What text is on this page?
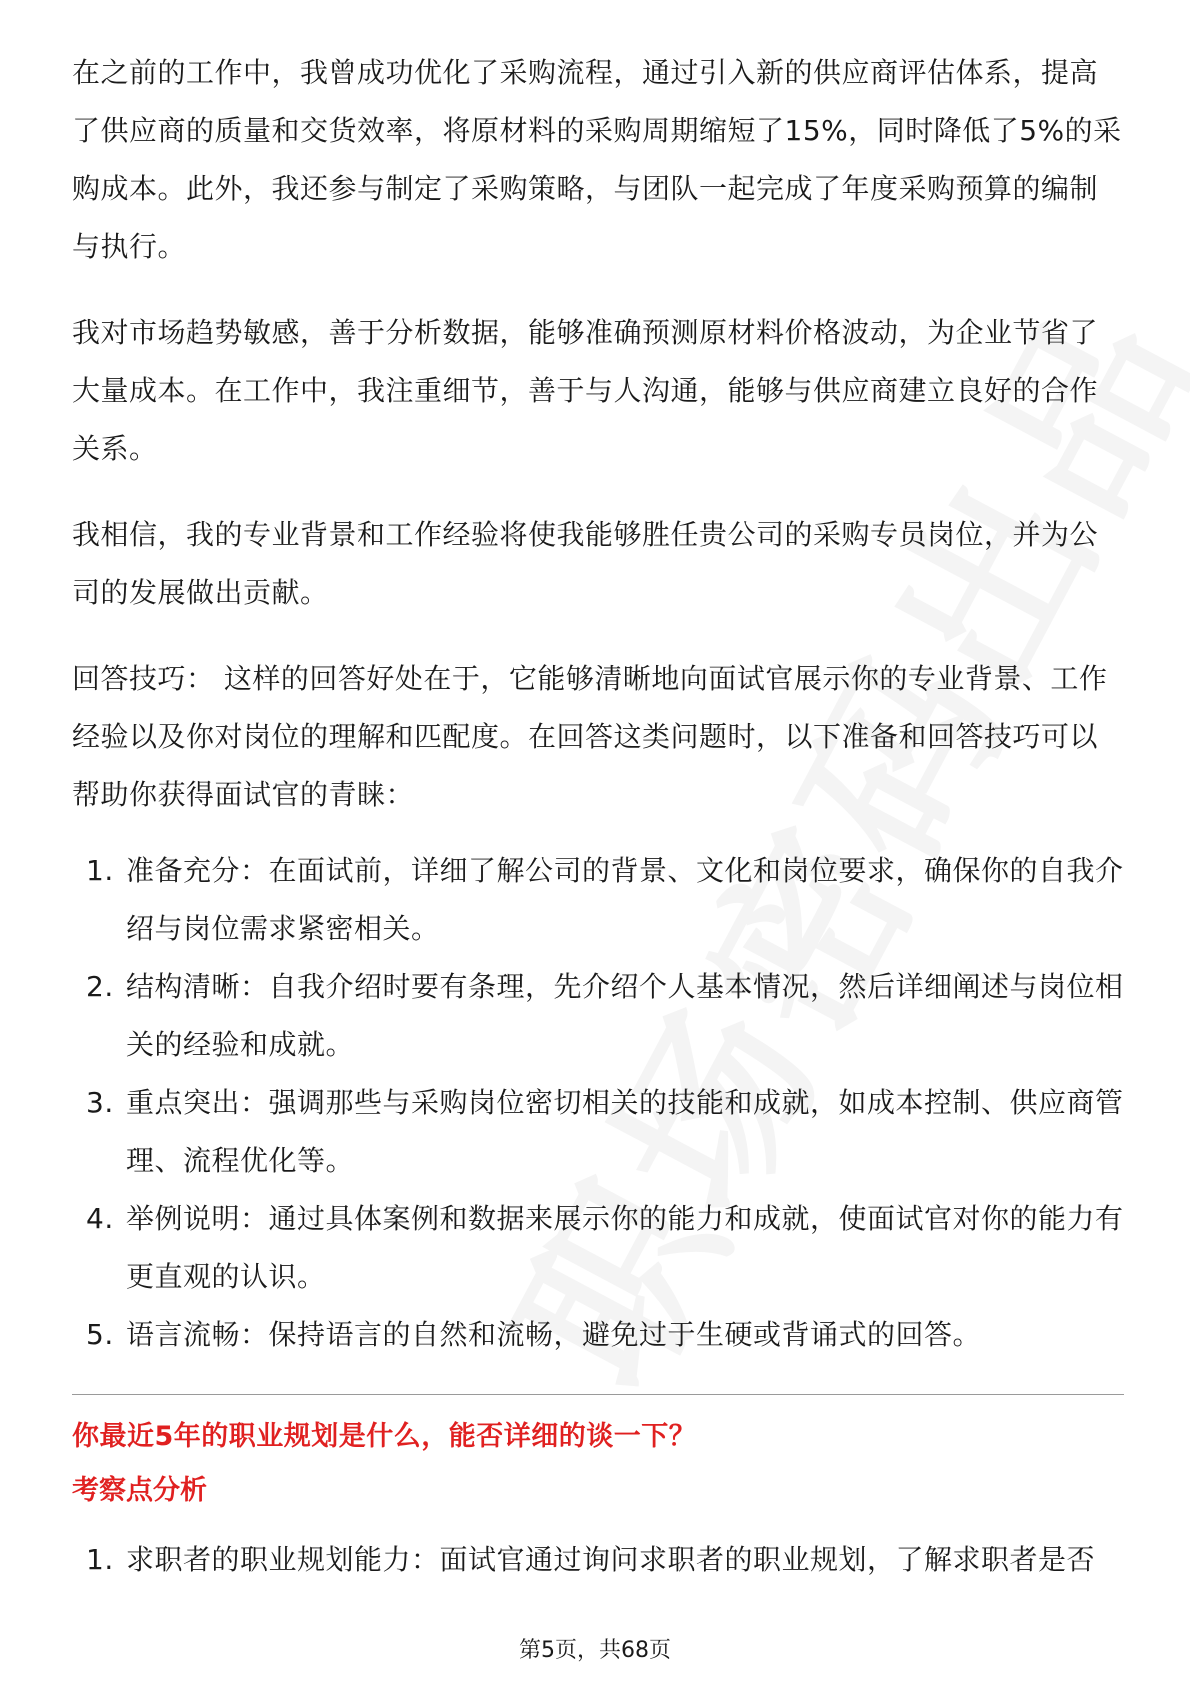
在之前的工作中，我曾成功优化了采购流程，通过引入新的供应商评估体系，提高了供应商的质量和交货效率，将原材料的采购周期缩短了15%，同时降低了5%的采购成本。此外，我还参与制定了采购策略，与团队一起完成了年度采购预算的编制与执行。

我对市场趋势敏感，善于分析数据，能够准确预测原材料价格波动，为企业节省了大量成本。在工作中，我注重细节，善于与人沟通，能够与供应商建立良好的合作关系。

我相信，我的专业背景和工作经验将使我能够胜任贵公司的采购专员岗位，并为公司的发展做出贡献。

回答技巧： 这样的回答好处在于，它能够清晰地向面试官展示你的专业背景、工作经验以及你对岗位的理解和匹配度。在回答这类问题时，以下准备和回答技巧可以帮助你获得面试官的青睐：

1. 准备充分：在面试前，详细了解公司的背景、文化和岗位要求，确保你的自我介绍与岗位需求紧密相关。
2. 结构清晰：自我介绍时要有条理，先介绍个人基本情况，然后详细阐述与岗位相关的经验和成就。
3. 重点突出：强调那些与采购岗位密切相关的技能和成就，如成本控制、供应商管理、流程优化等。
4. 举例说明：通过具体案例和数据来展示你的能力和成就，使面试官对你的能力有更直观的认识。
5. 语言流畅：保持语言的自然和流畅，避免过于生硬或背诵式的回答。
你最近5年的职业规划是什么，能否详细的谈一下？
考察点分析
1. 求职者的职业规划能力：面试官通过询问求职者的职业规划，了解求职者是否
第5页，共68页
